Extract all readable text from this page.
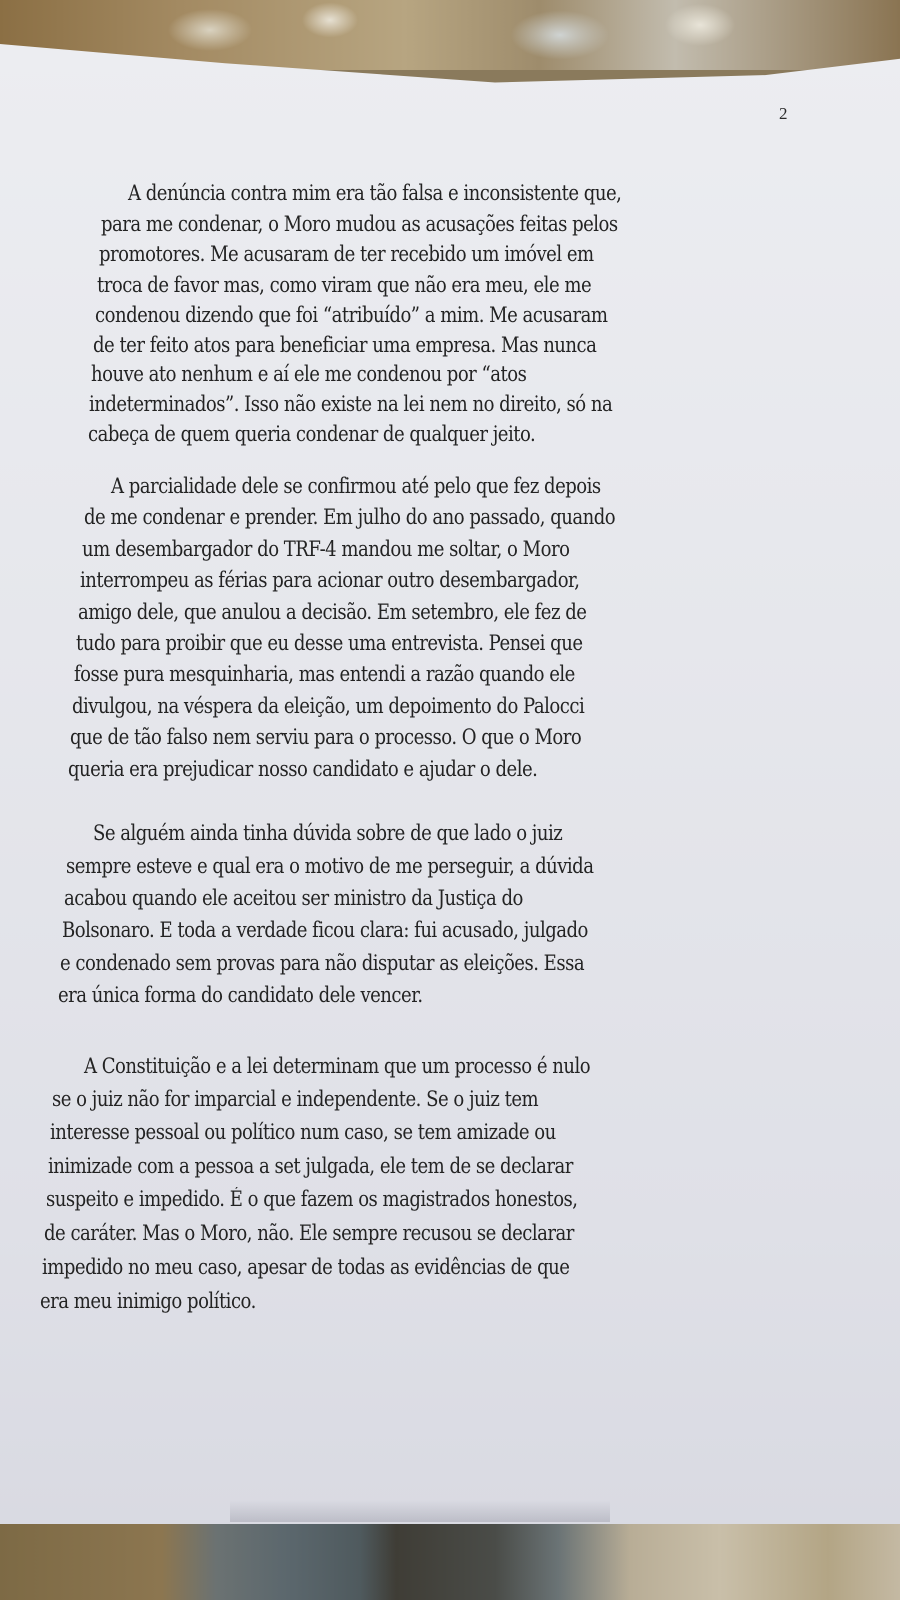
2
A denúncia contra mim era tão falsa e inconsistente que,
para me condenar, o Moro mudou as acusações feitas pelos
promotores. Me acusaram de ter recebido um imóvel em
troca de favor mas, como viram que não era meu, ele me
condenou dizendo que foi “atribuído” a mim. Me acusaram
de ter feito atos para beneficiar uma empresa. Mas nunca
houve ato nenhum e aí ele me condenou por “atos
indeterminados”. Isso não existe na lei nem no direito, só na
cabeça de quem queria condenar de qualquer jeito.
A parcialidade dele se confirmou até pelo que fez depois
de me condenar e prender. Em julho do ano passado, quando
um desembargador do TRF-4 mandou me soltar, o Moro
interrompeu as férias para acionar outro desembargador,
amigo dele, que anulou a decisão. Em setembro, ele fez de
tudo para proibir que eu desse uma entrevista. Pensei que
fosse pura mesquinharia, mas entendi a razão quando ele
divulgou, na véspera da eleição, um depoimento do Palocci
que de tão falso nem serviu para o processo. O que o Moro
queria era prejudicar nosso candidato e ajudar o dele.
Se alguém ainda tinha dúvida sobre de que lado o juiz
sempre esteve e qual era o motivo de me perseguir, a dúvida
acabou quando ele aceitou ser ministro da Justiça do
Bolsonaro. E toda a verdade ficou clara: fui acusado, julgado
e condenado sem provas para não disputar as eleições. Essa
era única forma do candidato dele vencer.
A Constituição e a lei determinam que um processo é nulo
se o juiz não for imparcial e independente. Se o juiz tem
interesse pessoal ou político num caso, se tem amizade ou
inimizade com a pessoa a set julgada, ele tem de se declarar
suspeito e impedido. É o que fazem os magistrados honestos,
de caráter. Mas o Moro, não. Ele sempre recusou se declarar
impedido no meu caso, apesar de todas as evidências de que
era meu inimigo político.
